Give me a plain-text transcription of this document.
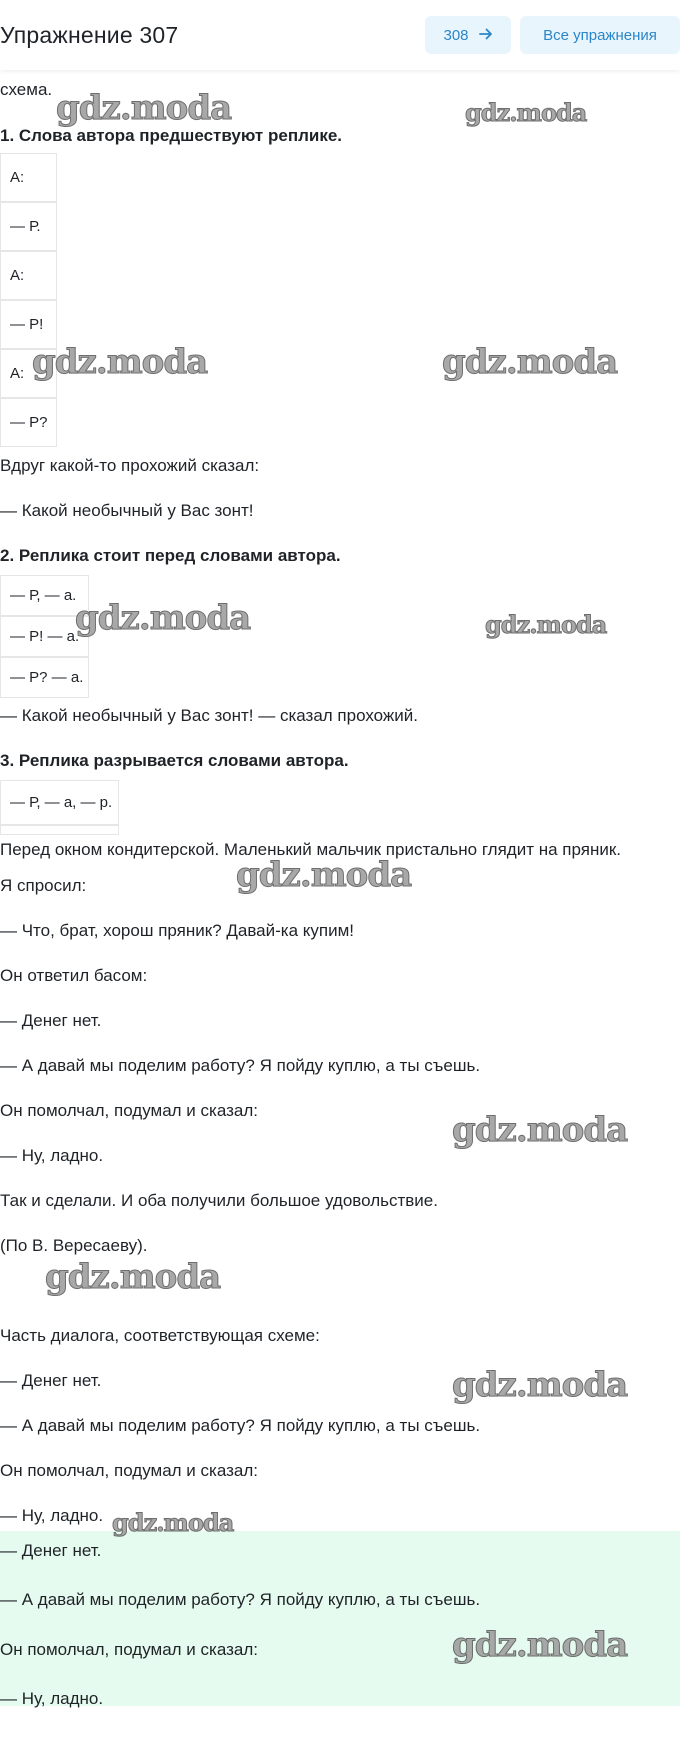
Упражнение 307	308	Все упражнения
схема.
1. Слова автора предшествуют реплике.
А:
— Р.
А:
— Р!
А:
— Р?
Вдруг какой-то прохожий сказал:
— Какой необычный у Вас зонт!
2. Реплика стоит перед словами автора.
— Р, — а.
— Р! — а.
— Р? — а.
— Какой необычный у Вас зонт! — сказал прохожий.
3. Реплика разрывается словами автора.
— Р, — а, — р.
Перед окном кондитерской. Маленький мальчик пристально глядит на пряник.
Я спросил:
— Что, брат, хорош пряник? Давай-ка купим!
Он ответил басом:
— Денег нет.
— А давай мы поделим работу? Я пойду куплю, а ты съешь.
Он помолчал, подумал и сказал:
— Ну, ладно.
Так и сделали. И оба получили большое удовольствие.
(По В. Вересаеву).
Часть диалога, соответствующая схеме:
— Денег нет.
— А давай мы поделим работу? Я пойду куплю, а ты съешь.
Он помолчал, подумал и сказал:
— Ну, ладно.
— Денег нет.
— А давай мы поделим работу? Я пойду куплю, а ты съешь.
Он помолчал, подумал и сказал:
— Ну, ладно.
gdz.moda	gdz.moda
gdz.moda	gdz.moda
gdz.moda	gdz.moda
gdz.moda
gdz.moda
gdz.moda
gdz.moda
gdz.moda
gdz.moda
